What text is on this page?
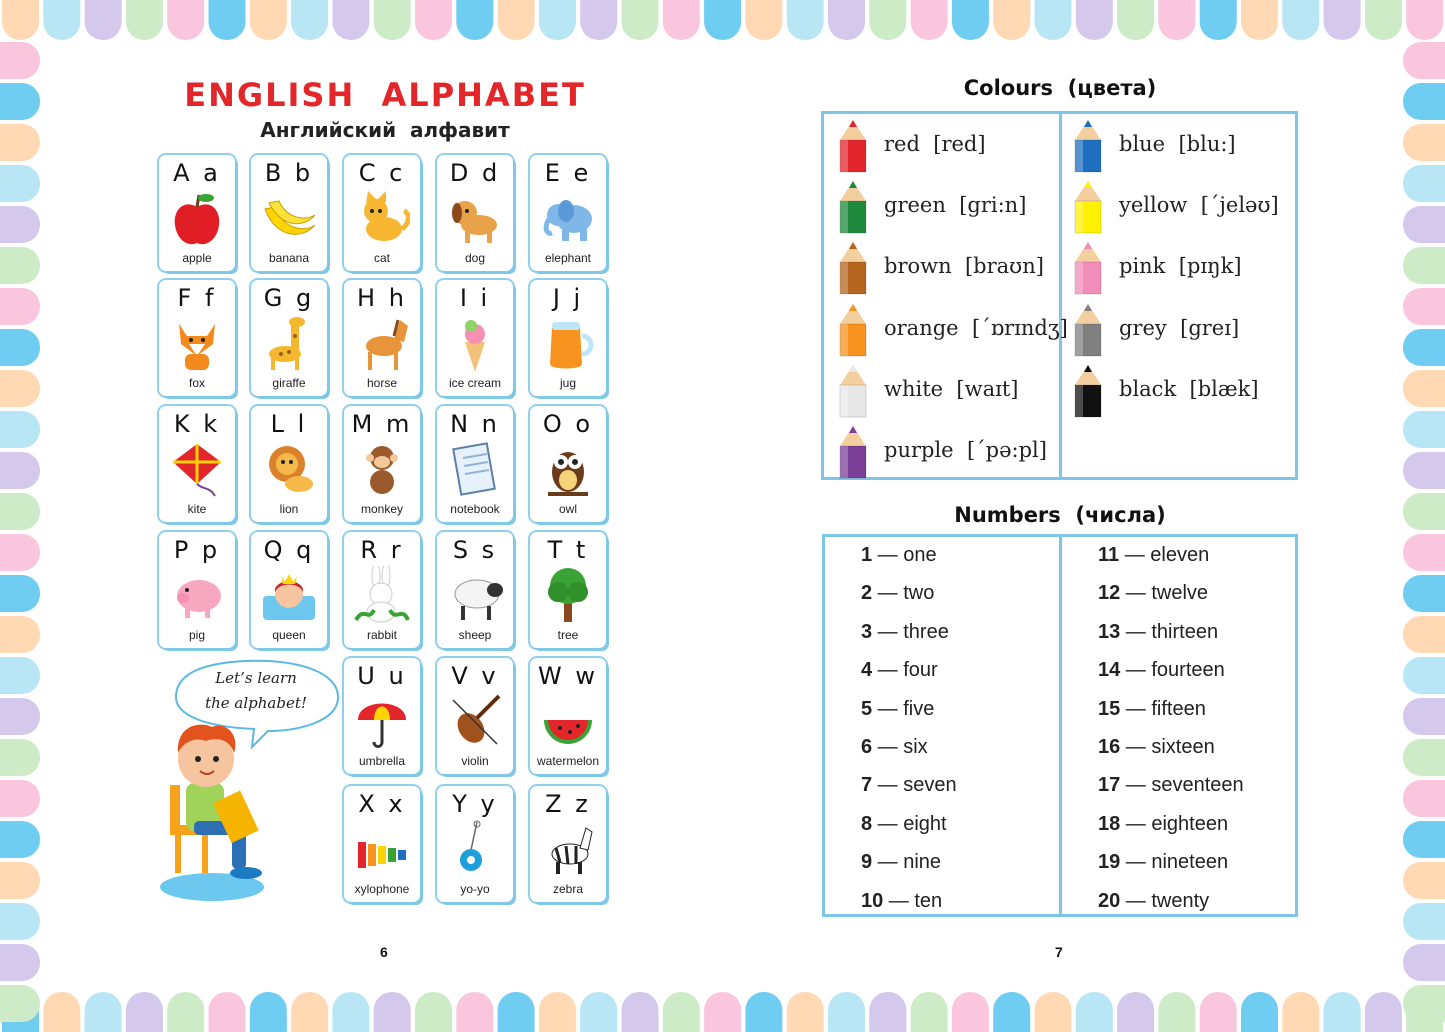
ENGLISH  ALPHABET
Английский  алфавит
A a
apple
B b
banana
C c
cat
D d
dog
E e
elephant
F f
fox
G g
giraffe
H h
horse
I i
ice cream
J j
jug
K k
kite
L l
lion
M m
monkey
N n
notebook
O o
owl
P p
pig
Q q
queen
R r
rabbit
S s
sheep
T t
tree
U u
umbrella
V v
violin
W w
watermelon
X x
xylophone
Y y
yo-yo
Z z
zebra
Let’s learn
the alphabet!
6
Colours  (цвета)
red  [red]
green  [gri:n]
brown  [braʊn]
orange  [΄ɒrɪndʒ]
white  [waɪt]
purple  [΄pə:pl]
blue  [blu:]
yellow  [΄jeləʊ]
pink  [pɪŋk]
grey  [greɪ]
black  [blæk]
Numbers  (числа)
1 — one
2 — two
3 — three
4 — four
5 — five
6 — six
7 — seven
8 — eight
9 — nine
10 — ten
11 — eleven
12 — twelve
13 — thirteen
14 — fourteen
15 — fifteen
16 — sixteen
17 — seventeen
18 — eighteen
19 — nineteen
20 — twenty
7
